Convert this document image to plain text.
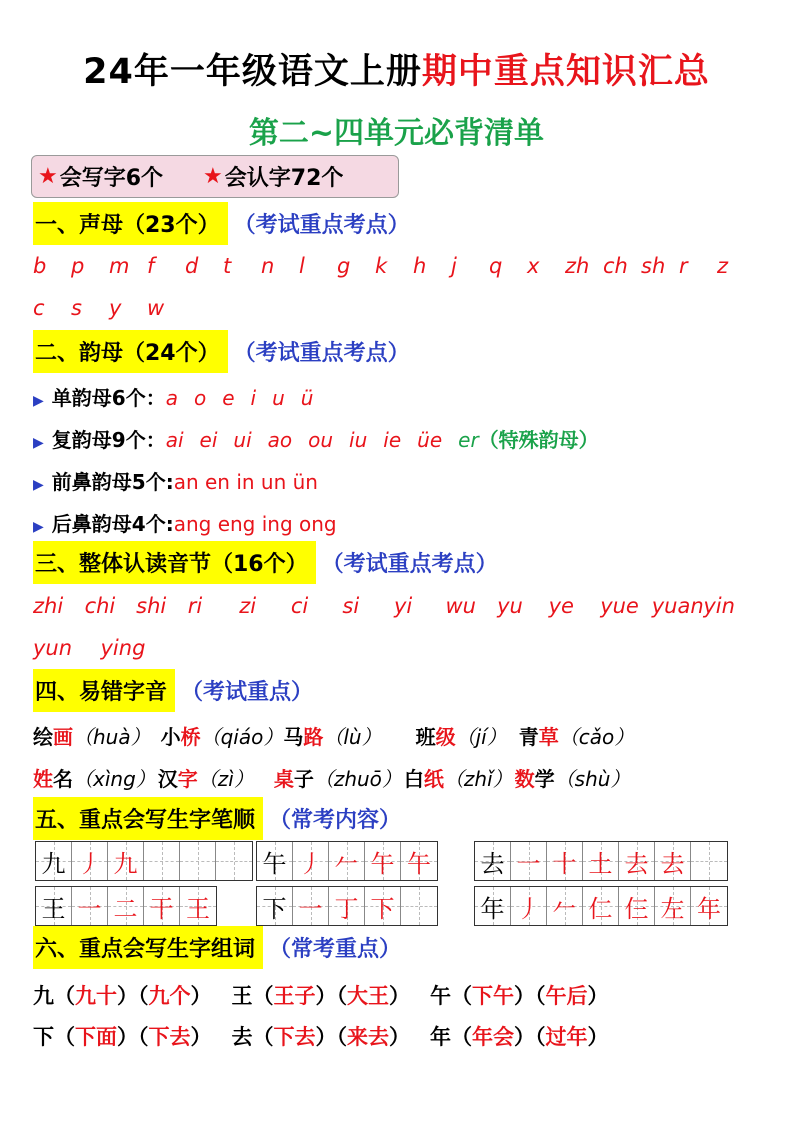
24年一年级语文上册期中重点知识汇总
第二~四单元必背清单
★ 会写字6个 ★ 会认字72个
一、声母（23个） （考试重点考点）
b p m f d t n l g k h j q x zh ch sh r z
c s y w
二、韵母（24个） （考试重点考点）
▶ 单韵母6个： a o e i u ü
▶ 复韵母9个： ai ei ui ao ou iu ie üe er （特殊韵母）
▶ 前鼻韵母5个: an en in un ün
▶ 后鼻韵母4个: ang eng ing ong
三、整体认读音节（16个） （考试重点考点）
zhi chi shi ri zi ci si yi wu yu ye yue yuanyin
yun ying
四、易错字音 （考试重点）
绘画（huà） 小桥（qiáo）马路（lù） 班级（jí） 青草（cǎo）
姓名（xìng） 汉字（zì） 桌子（zhuō） 白纸（zhǐ） 数学（shù）
五、重点会写生字笔顺 （常考内容）
九 丿 九	午 丿 𠂉 午 午 去 一 十 土 去 去
王 一 二 干 王 下 一 丁 下	年 丿 𠂉 仁 仨 左 年
六、重点会写生字组词 （常考重点）
九（九十）（九个） 王（王子）（大王） 午（下午）（午后）
下（下面）（下去） 去（下去）（来去） 年（年会）（过年）
